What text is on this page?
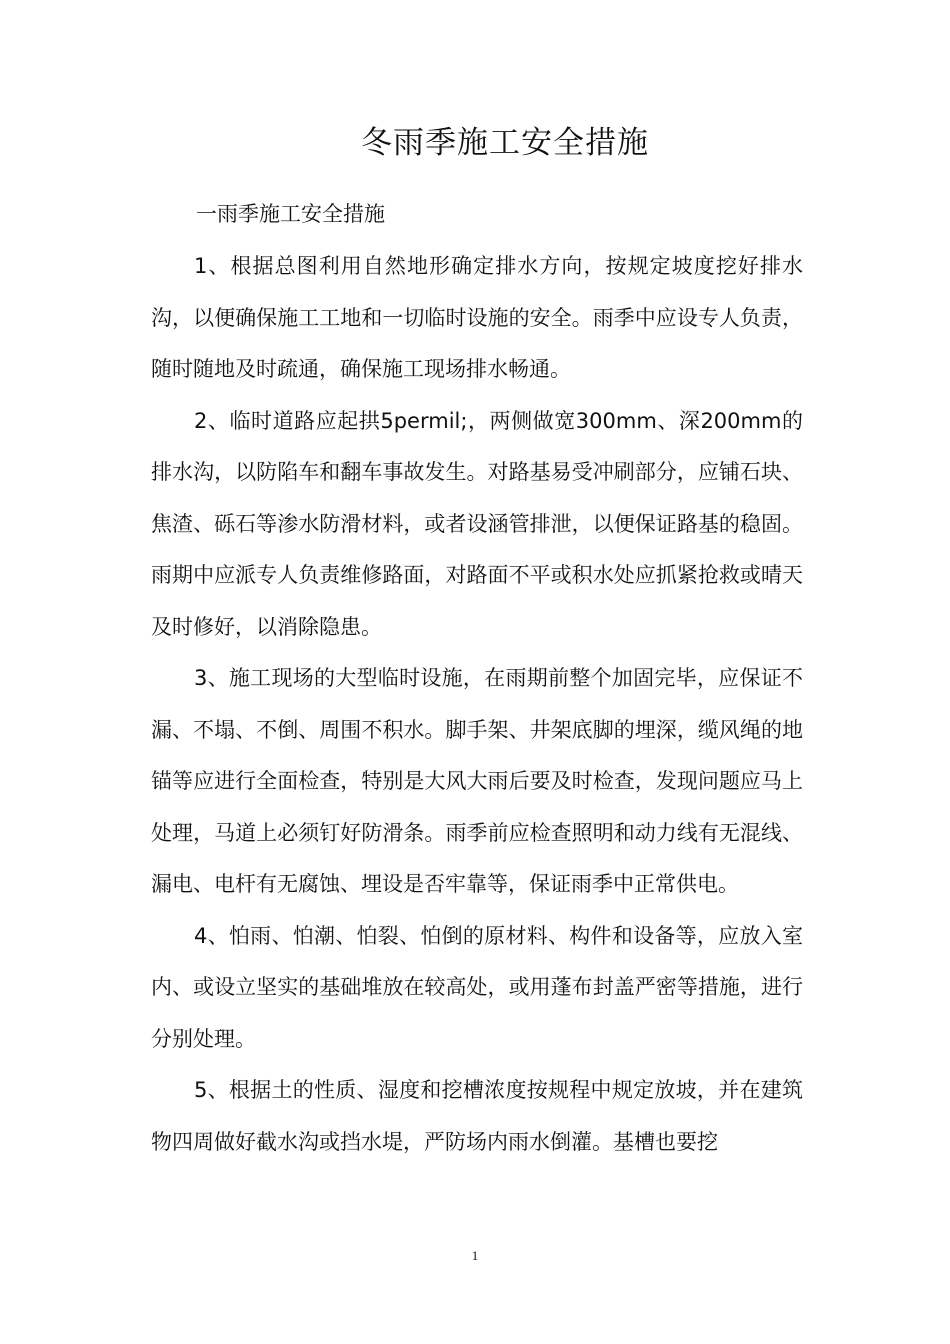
冬雨季施工安全措施
一雨季施工安全措施

1、根据总图利用自然地形确定排水方向，按规定坡度挖好排水沟，以便确保施工工地和一切临时设施的安全。雨季中应设专人负责，随时随地及时疏通，确保施工现场排水畅通。

2、临时道路应起拱5permil;，两侧做宽300mm、深200mm的排水沟，以防陷车和翻车事故发生。对路基易受冲刷部分，应铺石块、焦渣、砾石等渗水防滑材料，或者设涵管排泄，以便保证路基的稳固。雨期中应派专人负责维修路面，对路面不平或积水处应抓紧抢救或晴天及时修好，以消除隐患。

3、施工现场的大型临时设施，在雨期前整个加固完毕，应保证不漏、不塌、不倒、周围不积水。脚手架、井架底脚的埋深，缆风绳的地锚等应进行全面检查，特别是大风大雨后要及时检查，发现问题应马上处理，马道上必须钉好防滑条。雨季前应检查照明和动力线有无混线、漏电、电杆有无腐蚀、埋设是否牢靠等，保证雨季中正常供电。

4、怕雨、怕潮、怕裂、怕倒的原材料、构件和设备等，应放入室内、或设立坚实的基础堆放在较高处，或用蓬布封盖严密等措施，进行分别处理。

5、根据土的性质、湿度和挖槽浓度按规程中规定放坡，并在建筑物四周做好截水沟或挡水堤，严防场内雨水倒灌。基槽也要挖

1
